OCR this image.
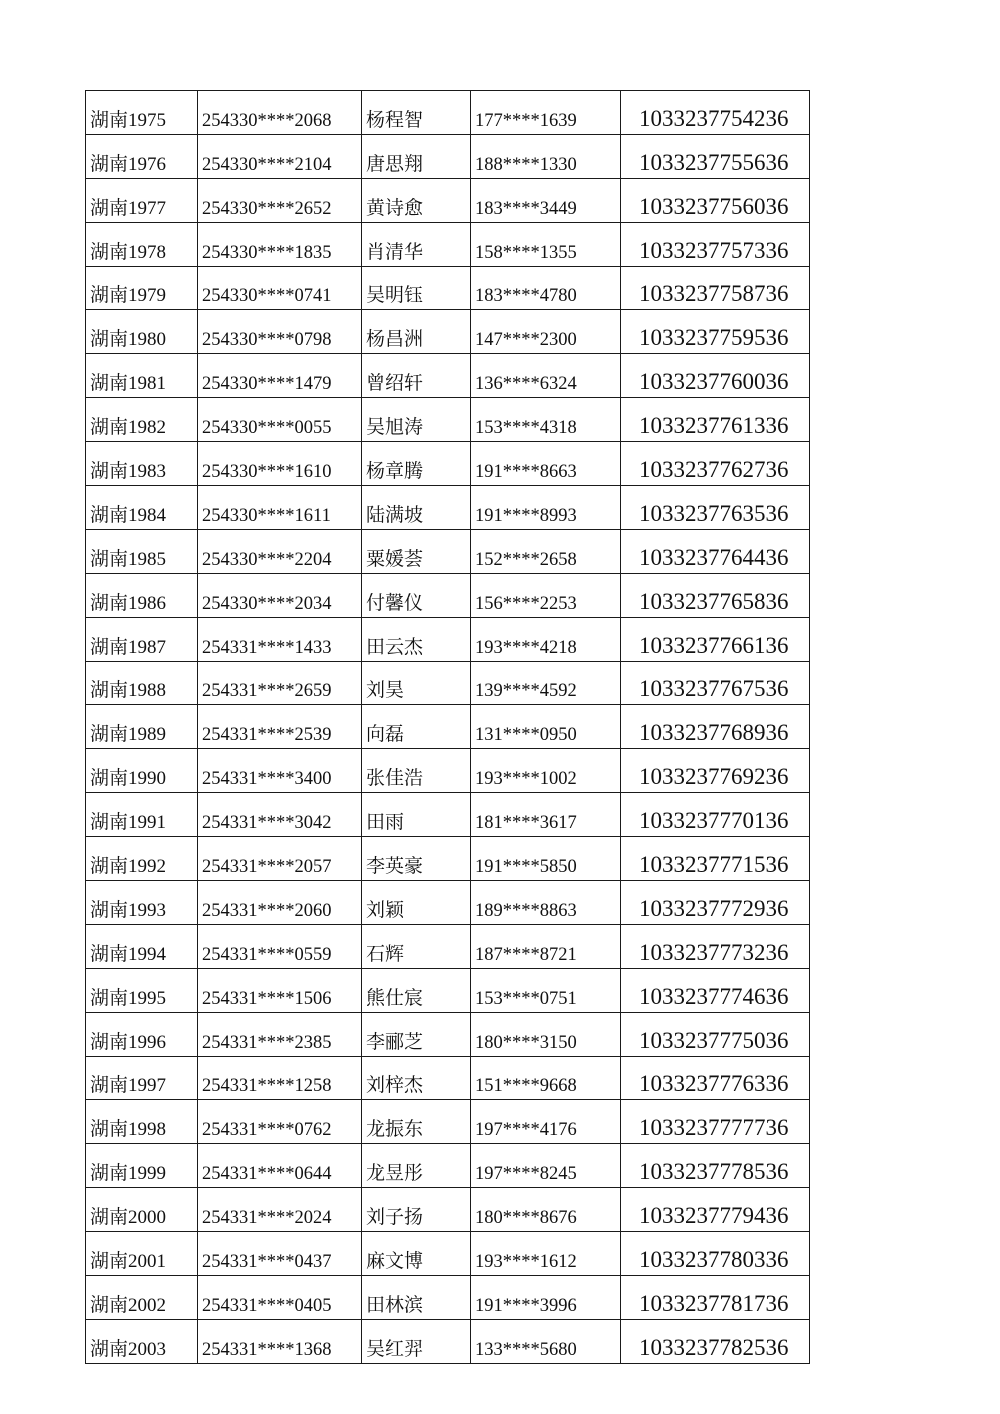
湖南1975	254330****2068	杨程智	177****1639	1033237754236
湖南1976	254330****2104	唐思翔	188****1330	1033237755636
湖南1977	254330****2652	黄诗愈	183****3449	1033237756036
湖南1978	254330****1835	肖清华	158****1355	1033237757336
湖南1979	254330****0741	吴明钰	183****4780	1033237758736
湖南1980	254330****0798	杨昌洲	147****2300	1033237759536
湖南1981	254330****1479	曾绍轩	136****6324	1033237760036
湖南1982	254330****0055	吴旭涛	153****4318	1033237761336
湖南1983	254330****1610	杨章腾	191****8663	1033237762736
湖南1984	254330****1611	陆满坡	191****8993	1033237763536
湖南1985	254330****2204	粟媛荟	152****2658	1033237764436
湖南1986	254330****2034	付馨仪	156****2253	1033237765836
湖南1987	254331****1433	田云杰	193****4218	1033237766136
湖南1988	254331****2659	刘昊	139****4592	1033237767536
湖南1989	254331****2539	向磊	131****0950	1033237768936
湖南1990	254331****3400	张佳浩	193****1002	1033237769236
湖南1991	254331****3042	田雨	181****3617	1033237770136
湖南1992	254331****2057	李英豪	191****5850	1033237771536
湖南1993	254331****2060	刘颖	189****8863	1033237772936
湖南1994	254331****0559	石辉	187****8721	1033237773236
湖南1995	254331****1506	熊仕宸	153****0751	1033237774636
湖南1996	254331****2385	李郦芝	180****3150	1033237775036
湖南1997	254331****1258	刘梓杰	151****9668	1033237776336
湖南1998	254331****0762	龙振东	197****4176	1033237777736
湖南1999	254331****0644	龙昱彤	197****8245	1033237778536
湖南2000	254331****2024	刘子扬	180****8676	1033237779436
湖南2001	254331****0437	麻文博	193****1612	1033237780336
湖南2002	254331****0405	田林滨	191****3996	1033237781736
湖南2003	254331****1368	吴红羿	133****5680	1033237782536
